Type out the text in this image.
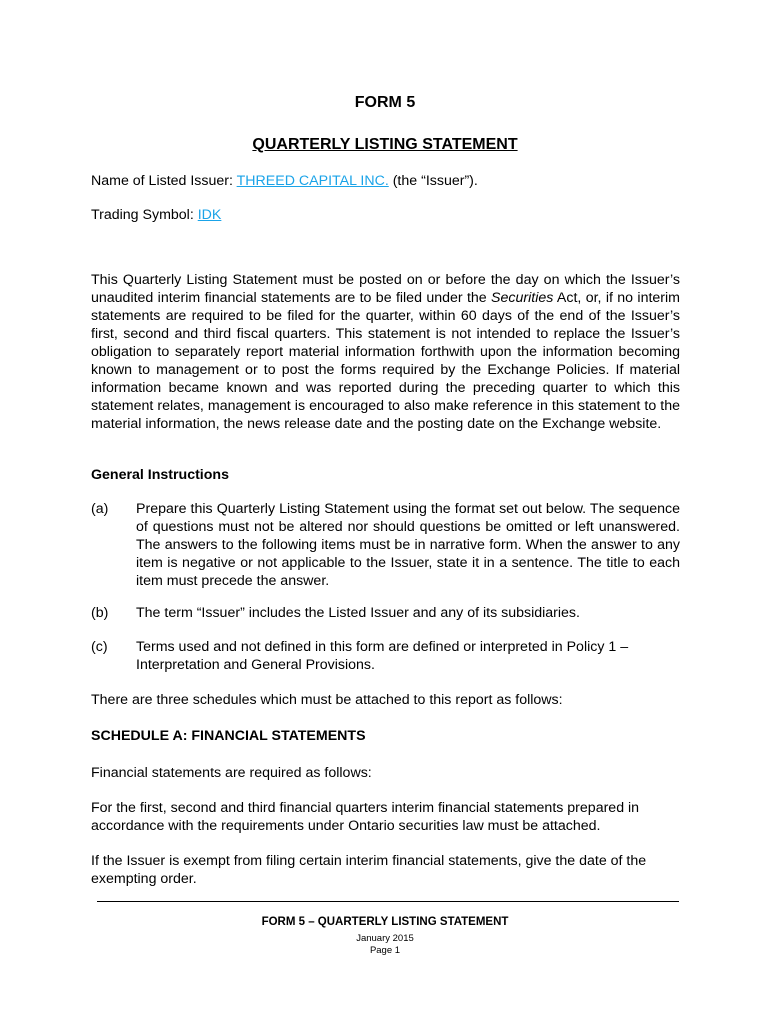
FORM 5
QUARTERLY LISTING STATEMENT
Name of Listed Issuer: THREED CAPITAL INC. (the “Issuer”).
Trading Symbol: IDK

This Quarterly Listing Statement must be posted on or before the day on which the Issuer’s unaudited interim financial statements are to be filed under the Securities Act, or, if no interim statements are required to be filed for the quarter, within 60 days of the end of the Issuer’s first, second and third fiscal quarters. This statement is not intended to replace the Issuer’s obligation to separately report material information forthwith upon the information becoming known to management or to post the forms required by the Exchange Policies. If material information became known and was reported during the preceding quarter to which this statement relates, management is encouraged to also make reference in this statement to the material information, the news release date and the posting date on the Exchange website.

General Instructions
(a) Prepare this Quarterly Listing Statement using the format set out below. The sequence of questions must not be altered nor should questions be omitted or left unanswered. The answers to the following items must be in narrative form. When the answer to any item is negative or not applicable to the Issuer, state it in a sentence. The title to each item must precede the answer.

(b) The term “Issuer” includes the Listed Issuer and any of its subsidiaries.

(c) Terms used and not defined in this form are defined or interpreted in Policy 1 – Interpretation and General Provisions.

There are three schedules which must be attached to this report as follows:

SCHEDULE A: FINANCIAL STATEMENTS

Financial statements are required as follows:

For the first, second and third financial quarters interim financial statements prepared in accordance with the requirements under Ontario securities law must be attached.

If the Issuer is exempt from filing certain interim financial statements, give the date of the exempting order.

FORM 5 – QUARTERLY LISTING STATEMENT
January 2015
Page 1
